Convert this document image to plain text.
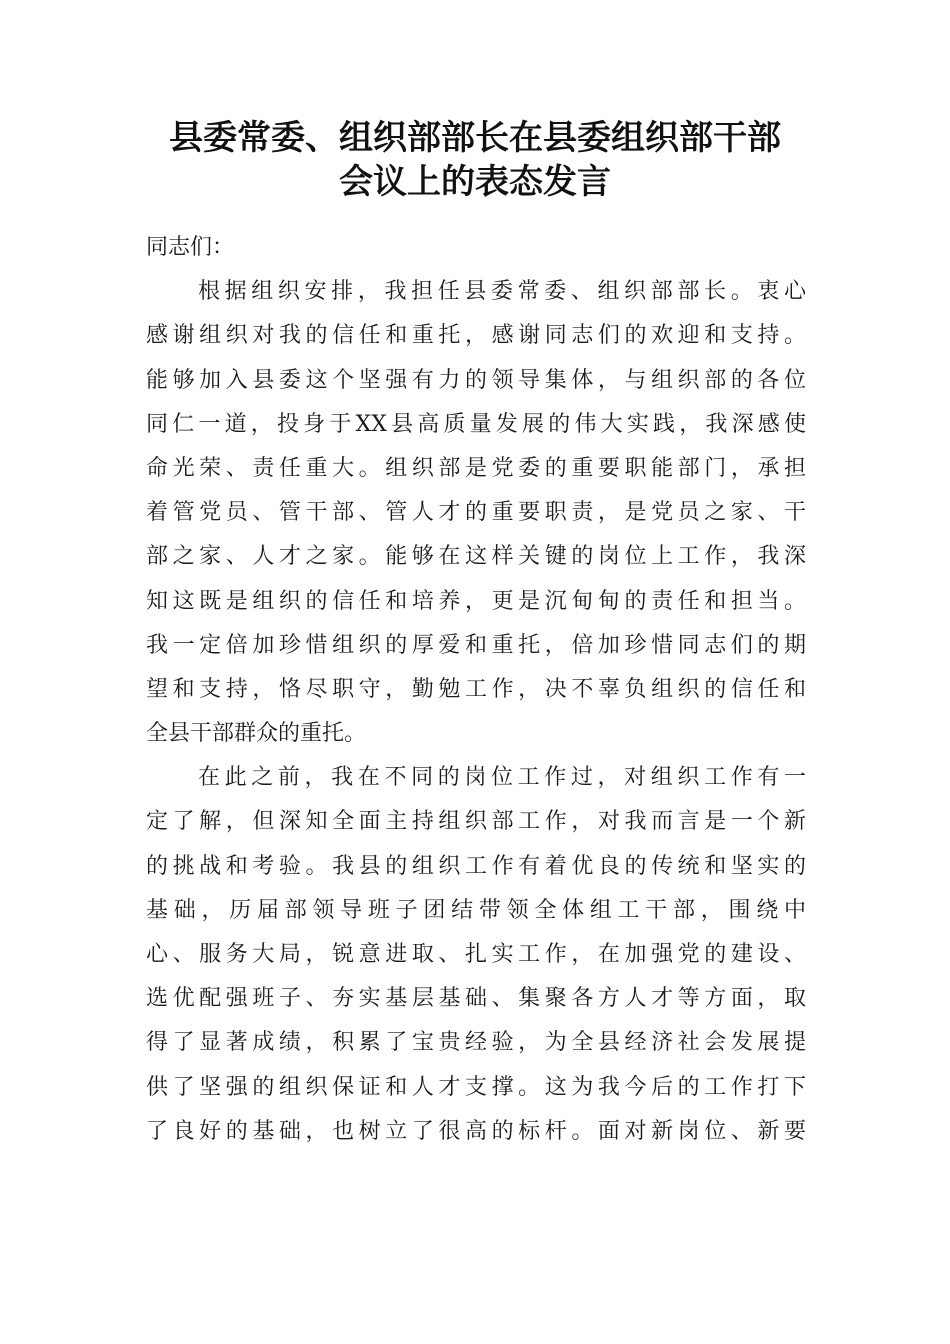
县委常委、组织部部长在县委组织部干部
会议上的表态发言
同志们：
根据组织安排，我担任县委常委、组织部部长。衷心
感谢组织对我的信任和重托，感谢同志们的欢迎和支持。
能够加入县委这个坚强有力的领导集体，与组织部的各位
同仁一道，投身于XX县高质量发展的伟大实践，我深感使
命光荣、责任重大。组织部是党委的重要职能部门，承担
着管党员、管干部、管人才的重要职责，是党员之家、干
部之家、人才之家。能够在这样关键的岗位上工作，我深
知这既是组织的信任和培养，更是沉甸甸的责任和担当。
我一定倍加珍惜组织的厚爱和重托，倍加珍惜同志们的期
望和支持，恪尽职守，勤勉工作，决不辜负组织的信任和
全县干部群众的重托。
在此之前，我在不同的岗位工作过，对组织工作有一
定了解，但深知全面主持组织部工作，对我而言是一个新
的挑战和考验。我县的组织工作有着优良的传统和坚实的
基础，历届部领导班子团结带领全体组工干部，围绕中
心、服务大局，锐意进取、扎实工作，在加强党的建设、
选优配强班子、夯实基层基础、集聚各方人才等方面，取
得了显著成绩，积累了宝贵经验，为全县经济社会发展提
供了坚强的组织保证和人才支撑。这为我今后的工作打下
了良好的基础，也树立了很高的标杆。面对新岗位、新要
